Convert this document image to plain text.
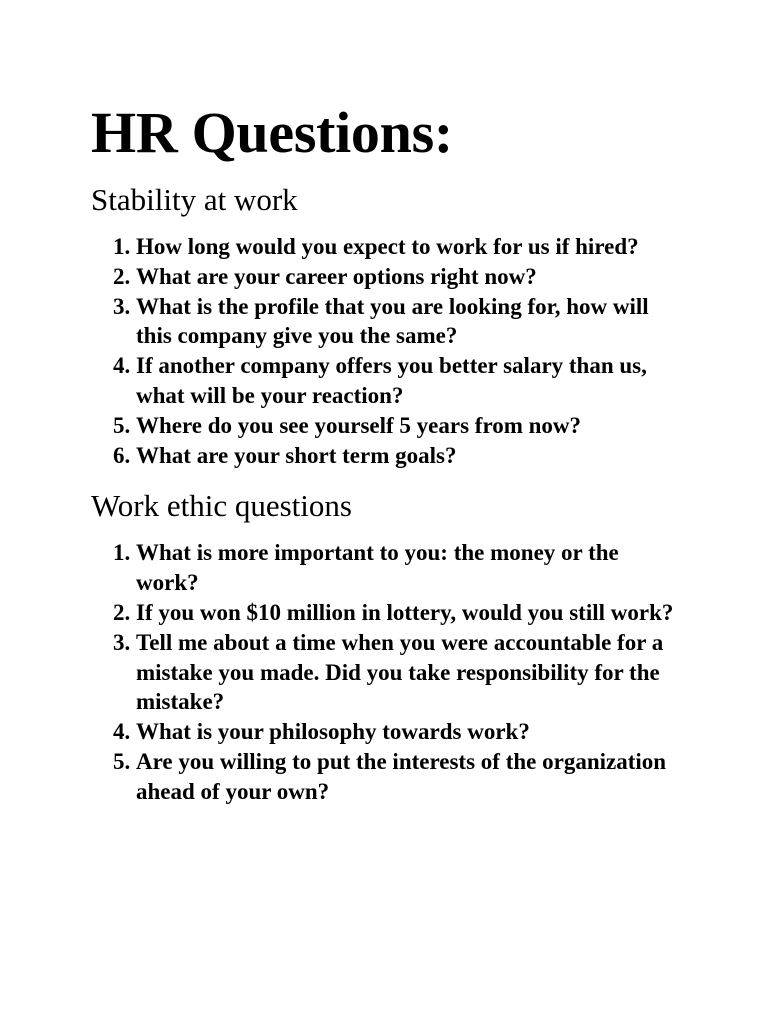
HR Questions:
Stability at work
1. How long would you expect to work for us if hired?
2. What are your career options right now?
3. What is the profile that you are looking for, how will this company give you the same?
4. If another company offers you better salary than us, what will be your reaction?
5. Where do you see yourself 5 years from now?
6. What are your short term goals?
Work ethic questions
1. What is more important to you: the money or the work?
2. If you won $10 million in lottery, would you still work?
3. Tell me about a time when you were accountable for a mistake you made. Did you take responsibility for the mistake?
4. What is your philosophy towards work?
5. Are you willing to put the interests of the organization ahead of your own?
